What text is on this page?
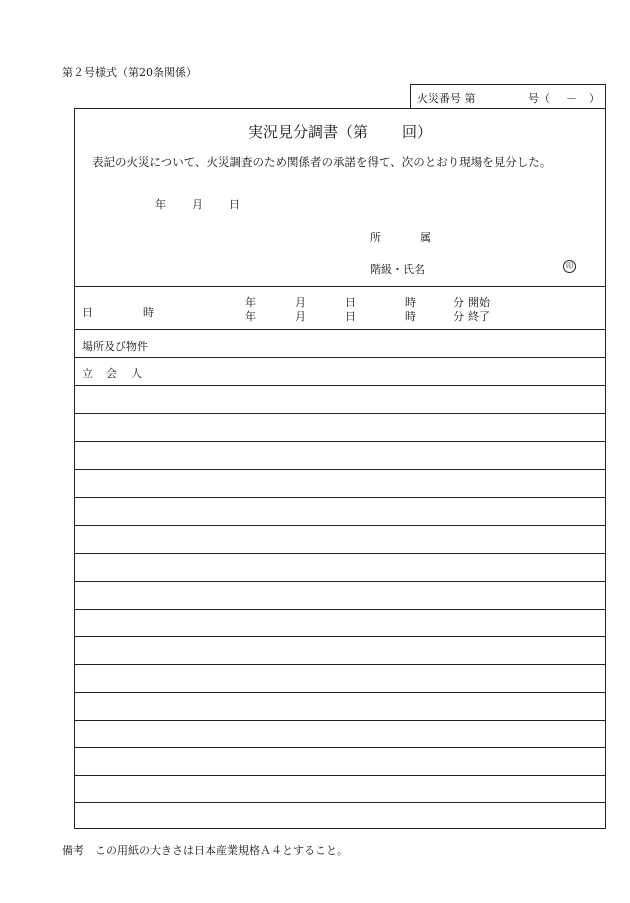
第２号様式（第20条関係）
火災番号 第	号（ － ）
実況見分調書（第 回）
表記の火災について、火災調査のため関係者の承諾を得て、次のとおり現場を見分した。
年 月 日
所	属
階級・氏名	印
日	時
年	月	日	時	分 開始
年	月	日	時	分 終了
場所及び物件
立 会 人
備考　この用紙の大きさは日本産業規格Ａ４とすること。
